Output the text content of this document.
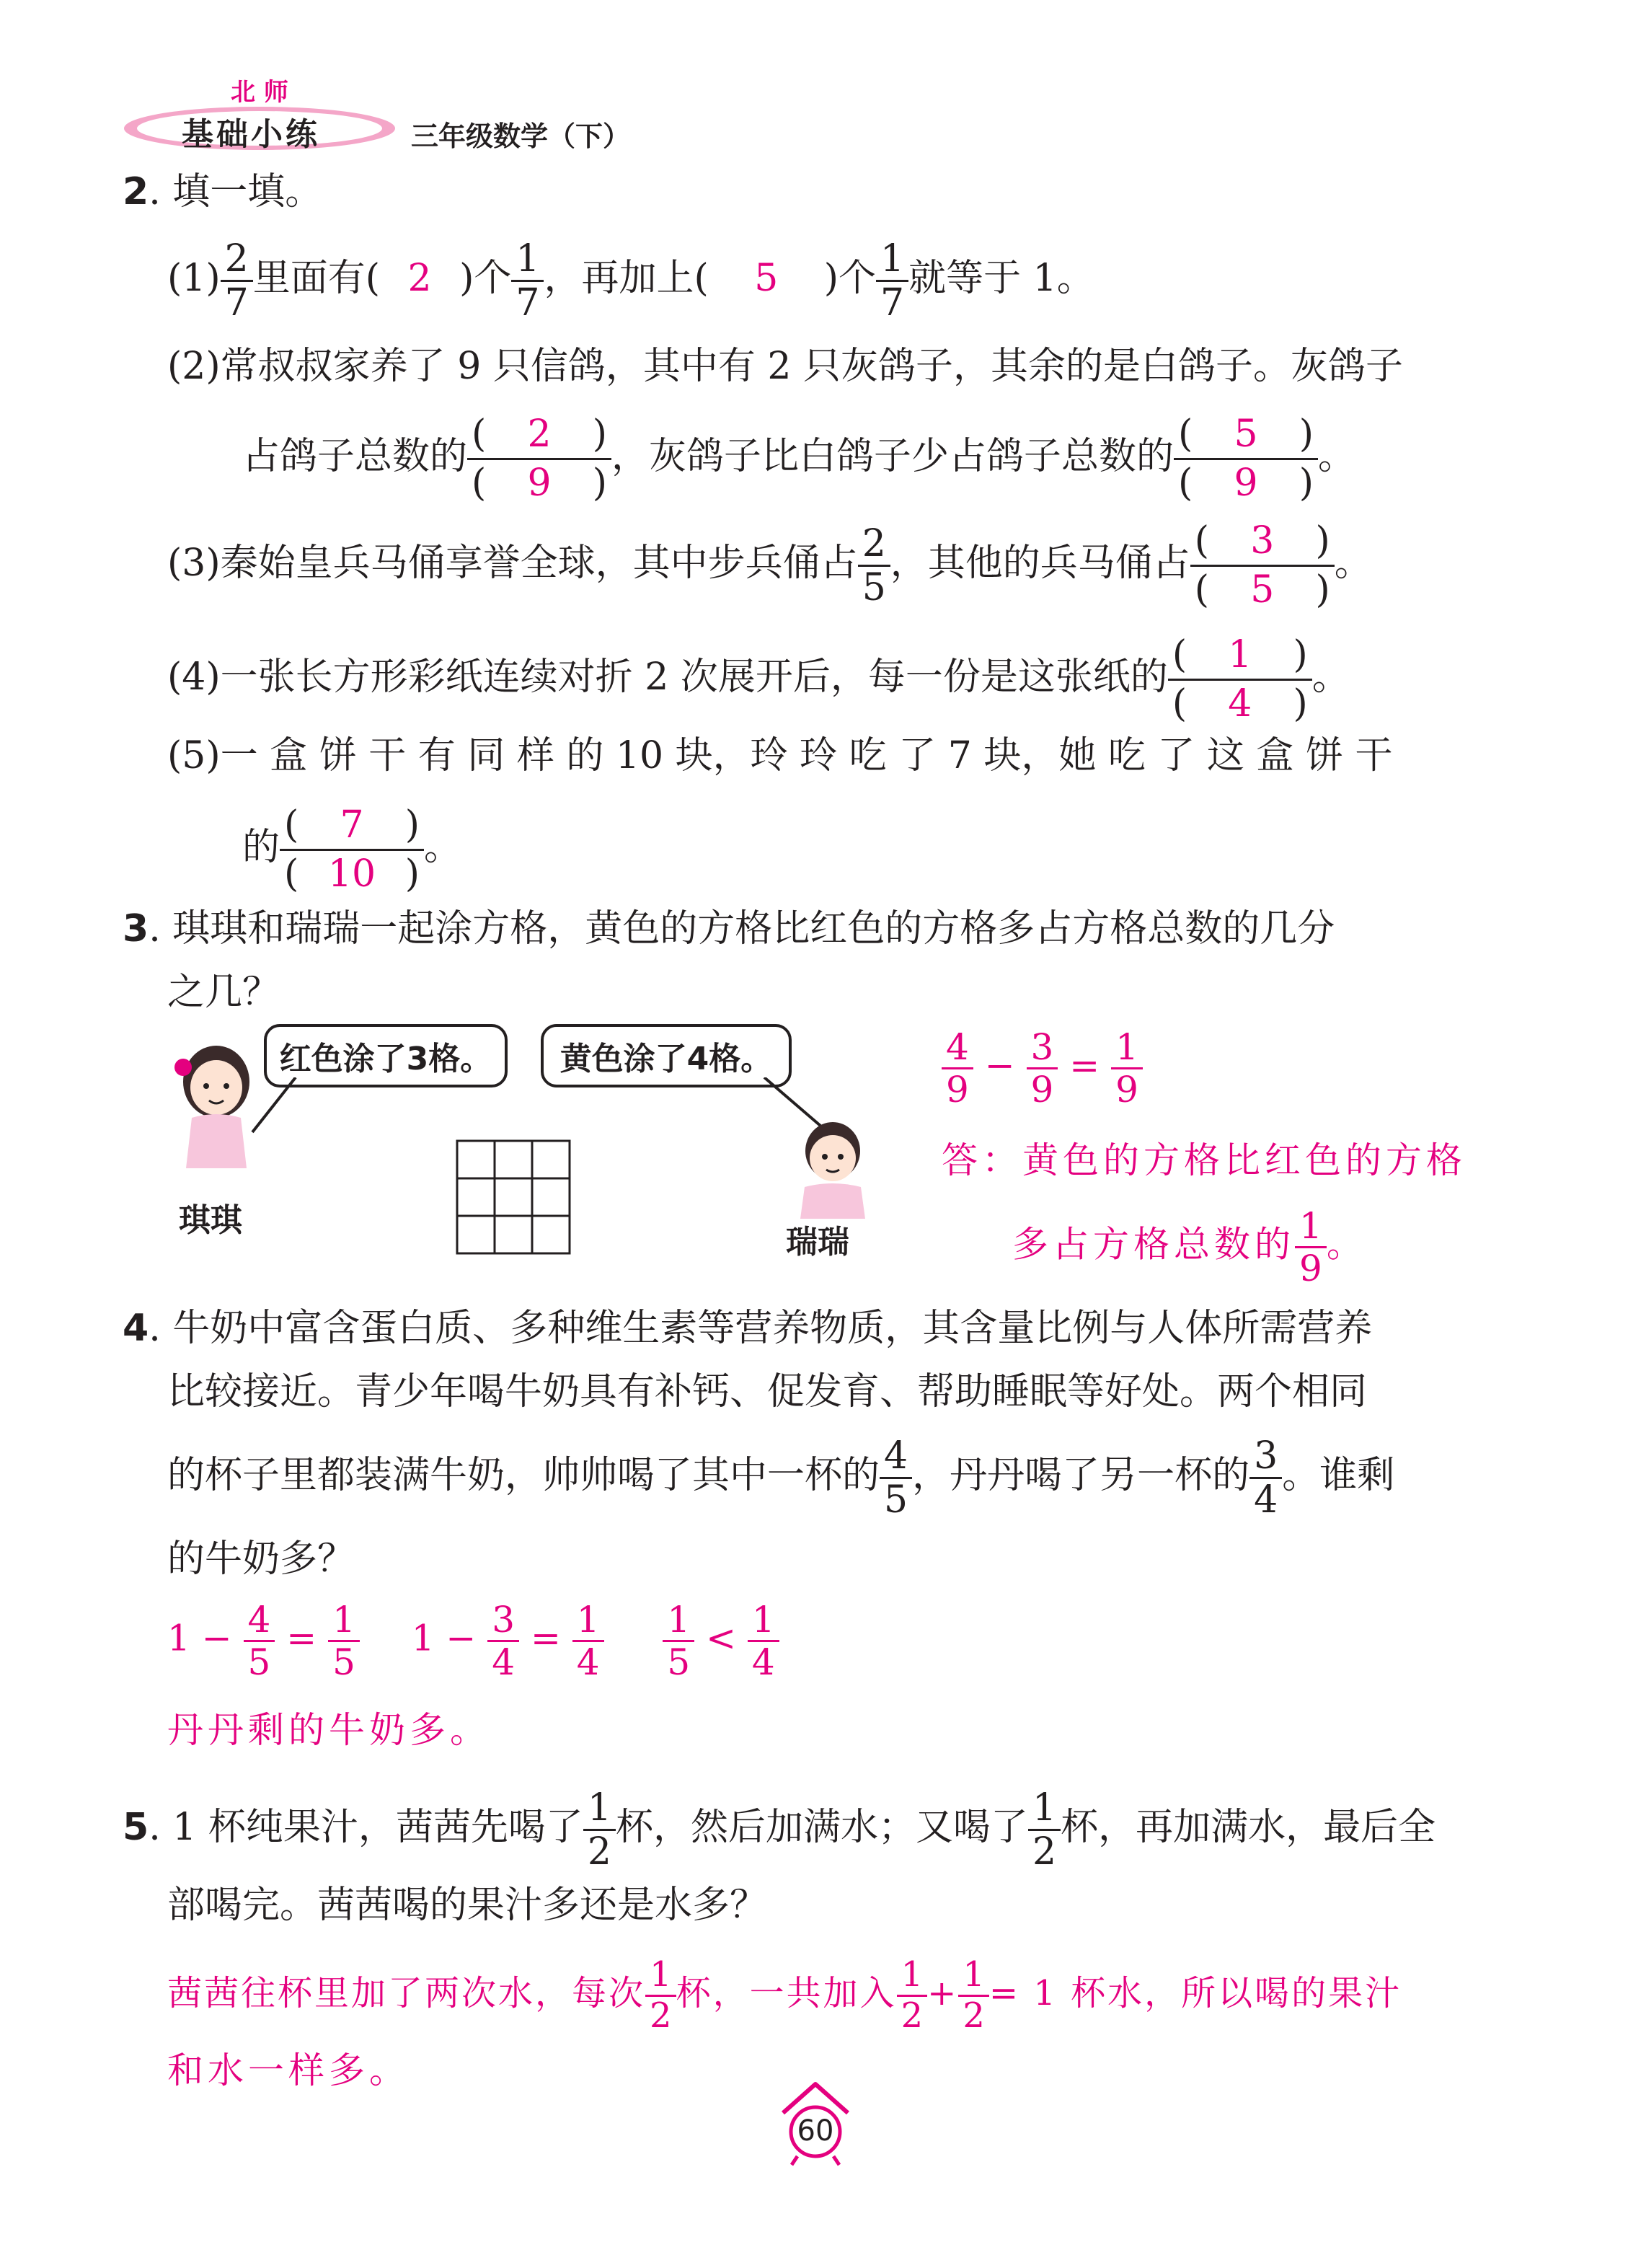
北 师
基础小练	三年级数学（下）
2. 填一填。
$(1) \frac{2}{7}$ 里面有( 2 )个 $\frac{1}{7}$ ，再加上( 5 )个 $\frac{1}{7}$ 就等于 1。
(2)常叔叔家养了 9 只信鸽，其中有 2 只灰鸽子，其余的是白鸽子。灰鸽子
占鸽子总数的 (	2	)
(	9	) ，灰鸽子比白鸽子少占鸽子总数的 (	5	)
(	9	) 。
(3)秦始皇兵马俑享誉全球，其中步兵俑占 $\frac{2}{5}$ ，其他的兵马俑占 (	3	)
(	5	) 。
(4)一张长方形彩纸连续对折 2 次展开后，每一份是这张纸的 (	1	)
(	4	) 。
(5)一 盒 饼 干 有 同 样 的 10 块，玲 玲 吃 了 7 块，她 吃 了 这 盒 饼 干
的 (	7	)
( 10 ) 。
3. 琪琪和瑞瑞一起涂方格，黄色的方格比红色的方格多占方格总数的几分
之几？
琪琪
红色涂了3格。	黄色涂了4格。
瑞瑞
$\frac{4}{9} - \frac{3}{9} = \frac{1}{9}$
答：黄色的方格比红色的方格
多占方格总数的 $\frac{1}{9}$ 。
4. 牛奶中富含蛋白质、多种维生素等营养物质，其含量比例与人体所需营养
比较接近。青少年喝牛奶具有补钙、促发育、帮助睡眠等好处。两个相同
的杯子里都装满牛奶，帅帅喝了其中一杯的 $\frac{4}{5}$ ，丹丹喝了另一杯的 $\frac{3}{4}$ 。谁剩
的牛奶多？
$1 - \frac{4}{5} = \frac{1}{5} 1 - \frac{3}{4} = \frac{1}{4}$
$\frac{1}{5} < \frac{1}{4}$
丹丹剩的牛奶多。
5. 1 杯纯果汁，茜茜先喝了 $\frac{1}{2}$ 杯，然后加满水；又喝了 $\frac{1}{2}$ 杯，再加满水，最后全
部喝完。茜茜喝的果汁多还是水多？
茜茜往杯里加了两次水，每次 $\frac{1}{2}$ 杯，一共加入 $\frac{1}{2} + \frac{1}{2} = 1$ 杯水，所以喝的果汁
和水一样多。
60
